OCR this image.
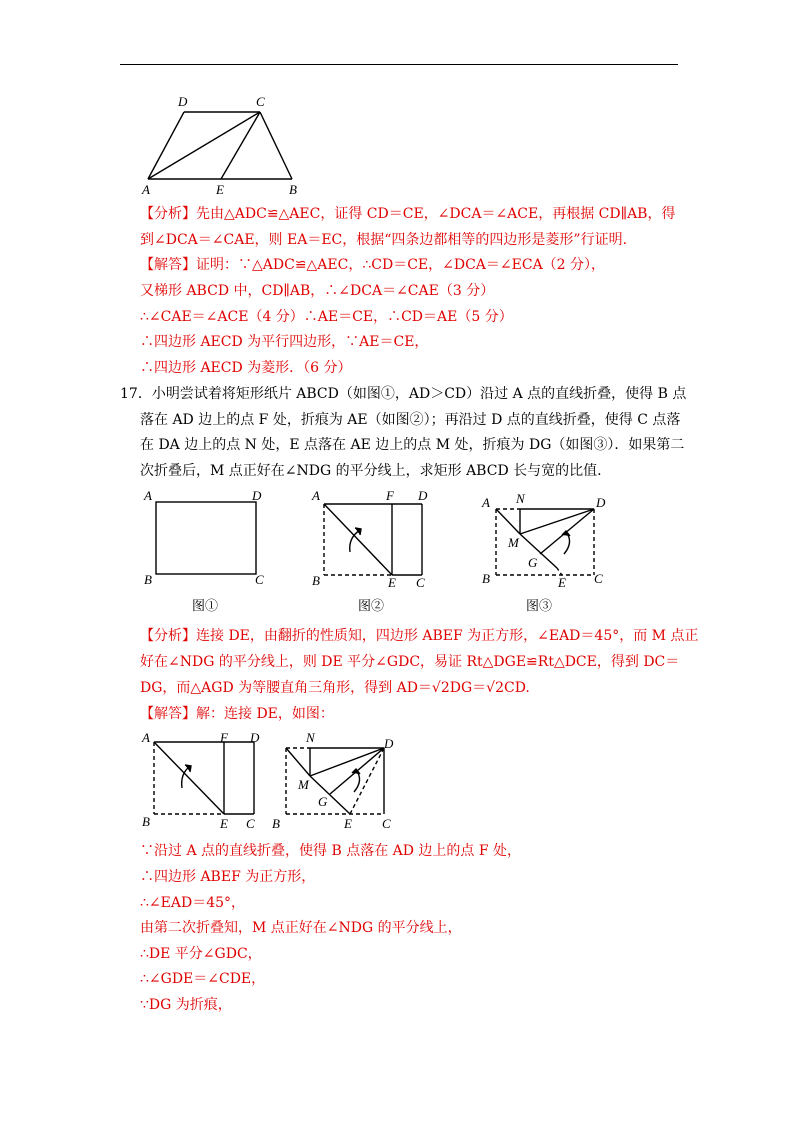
D	C
A	E	B
【分析】先由△ADC≌△AEC，证得 CD＝CE，∠DCA＝∠ACE，再根据 CD∥AB，得
到∠DCA＝∠CAE，则 EA＝EC，根据“四条边都相等的四边形是菱形”行证明.
【解答】证明：∵△ADC≌△AEC，∴CD＝CE，∠DCA＝∠ECA（2 分），
又梯形 ABCD 中，CD∥AB，∴∠DCA＝∠CAE（3 分）
∴∠CAE＝∠ACE（4 分）∴AE＝CE，∴CD＝AE（5 分）
∴四边形 AECD 为平行四边形，∵AE＝CE，
∴四边形 AECD 为菱形．（6 分）
17．小明尝试着将矩形纸片 ABCD（如图①，AD＞CD）沿过 A 点的直线折叠，使得 B 点
落在 AD 边上的点 F 处，折痕为 AE（如图②）；再沿过 D 点的直线折叠，使得 C 点落
在 DA 边上的点 N 处，E 点落在 AE 边上的点 M 处，折痕为 DG（如图③）．如果第二
次折叠后，M 点正好在∠NDG 的平分线上，求矩形 ABCD 长与宽的比值.
A	D
B	C
图①
A	F D
B	E C
图②
A N	D
M
G
B	E C
图③
【分析】连接 DE，由翻折的性质知，四边形 ABEF 为正方形，∠EAD＝45°，而 M 点正
好在∠NDG 的平分线上，则 DE 平分∠GDC，易证 Rt△DGE≌Rt△DCE，得到 DC＝
DG，而△AGD 为等腰直角三角形，得到 AD＝√2DG＝√2CD.
【解答】解：连接 DE，如图：
A	F D
B	E C
N	D
M
G
B	E C
∵沿过 A 点的直线折叠，使得 B 点落在 AD 边上的点 F 处，
∴四边形 ABEF 为正方形，
∴∠EAD＝45°，
由第二次折叠知，M 点正好在∠NDG 的平分线上，
∴DE 平分∠GDC，
∴∠GDE＝∠CDE，
∵DG 为折痕，
